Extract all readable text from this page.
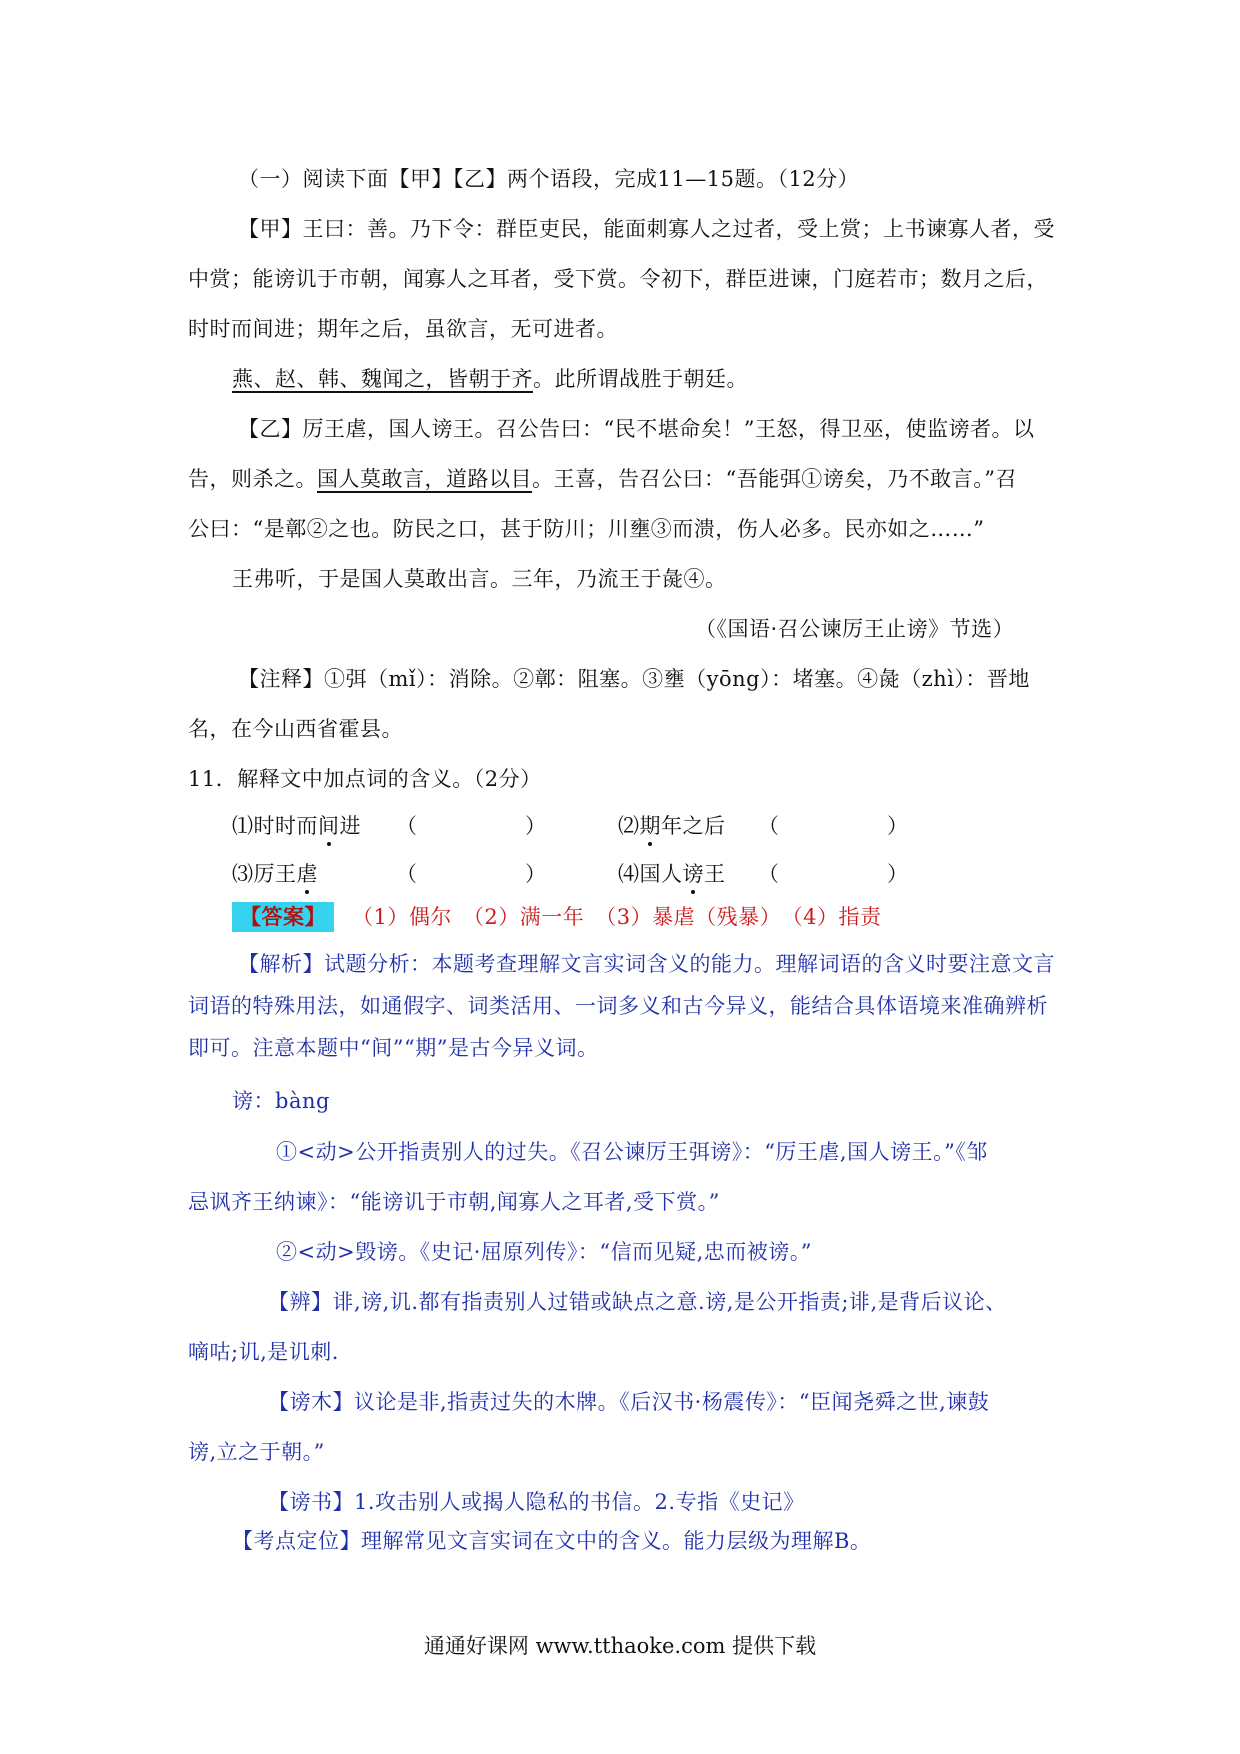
（一）阅读下面【甲】【乙】两个语段，完成11—15题。（12分）
【甲】王曰：善。乃下令：群臣吏民，能面刺寡人之过者，受上赏；上书谏寡人者，受
中赏；能谤讥于市朝，闻寡人之耳者，受下赏。令初下，群臣进谏，门庭若市；数月之后，
时时而间进；期年之后，虽欲言，无可进者。
燕、赵、韩、魏闻之，皆朝于齐。此所谓战胜于朝廷。
【乙】厉王虐，国人谤王。召公告曰：“民不堪命矣！”王怒，得卫巫，使监谤者。以
告，则杀之。国人莫敢言，道路以目。王喜，告召公曰：“吾能弭①谤矣，乃不敢言。”召
公曰：“是鄣②之也。防民之口，甚于防川；川壅③而溃，伤人必多。民亦如之……”
王弗听，于是国人莫敢出言。三年，乃流王于彘④。
（《国语·召公谏厉王止谤》节选）
【注释】①弭（mǐ）：消除。②鄣：阻塞。③壅（yōng）：堵塞。④彘（zhì）：晋地
名，在今山西省霍县。
11．解释文中加点词的含义。（2分）
⑴时时而间进 （　　　　　）	⑵期年之后 （　　　　　）
⑶厉王虐	（　　　　　）	⑷国人谤王 （　　　　　）
【答案】 （1）偶尔　（2）满一年　（3）暴虐（残暴）　（4）指责
【解析】试题分析：本题考查理解文言实词含义的能力。理解词语的含义时要注意文言
词语的特殊用法，如通假字、词类活用、一词多义和古今异义，能结合具体语境来准确辨析
即可。注意本题中“间”“期”是古今异义词。
谤：bàng
①<动>公开指责别人的过失。《召公谏厉王弭谤》：“厉王虐,国人谤王。”《邹
忌讽齐王纳谏》：“能谤讥于市朝,闻寡人之耳者,受下赏。”
②<动>毁谤。《史记·屈原列传》：“信而见疑,忠而被谤。”
【辨】诽,谤,讥.都有指责别人过错或缺点之意.谤,是公开指责;诽,是背后议论、
嘀咕;讥,是讥刺.
【谤木】议论是非,指责过失的木牌。《后汉书·杨震传》：“臣闻尧舜之世,谏鼓
谤,立之于朝。”
【谤书】1.攻击别人或揭人隐私的书信。2.专指《史记》
【考点定位】理解常见文言实词在文中的含义。能力层级为理解B。
通通好课网 www.tthaoke.com 提供下载
